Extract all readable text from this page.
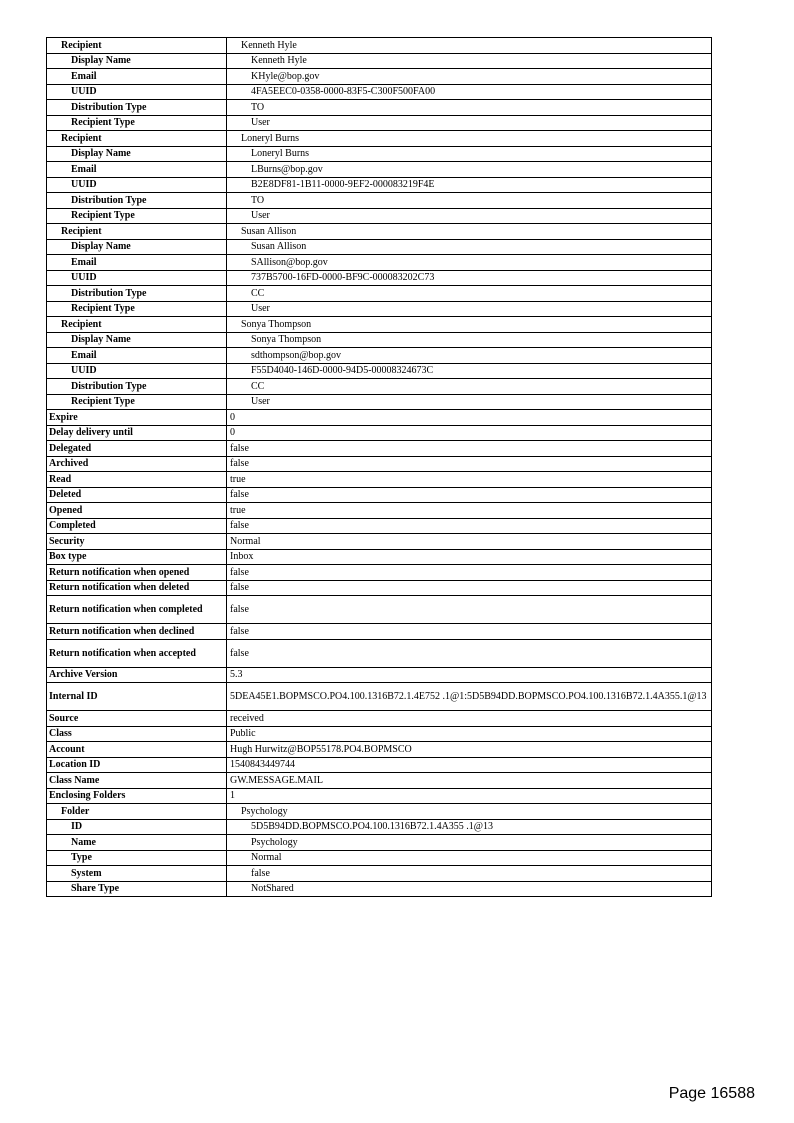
Recipient	Kenneth Hyle
Display Name	Kenneth Hyle
Email	KHyle@bop.gov
UUID	4FA5EEC0-0358-0000-83F5-C300F500FA00
Distribution Type	TO
Recipient Type	User
Recipient	Loneryl Burns
Display Name	Loneryl Burns
Email	LBurns@bop.gov
UUID	B2E8DF81-1B11-0000-9EF2-000083219F4E
Distribution Type	TO
Recipient Type	User
Recipient	Susan Allison
Display Name	Susan Allison
Email	SAllison@bop.gov
UUID	737B5700-16FD-0000-BF9C-000083202C73
Distribution Type	CC
Recipient Type	User
Recipient	Sonya Thompson
Display Name	Sonya Thompson
Email	sdthompson@bop.gov
UUID	F55D4040-146D-0000-94D5-00008324673C
Distribution Type	CC
Recipient Type	User
Expire	0
Delay delivery until	0
Delegated	false
Archived	false
Read	true
Deleted	false
Opened	true
Completed	false
Security	Normal
Box type	Inbox
Return notification when opened	false
Return notification when deleted	false
Return notification when completed	false
Return notification when declined	false
Return notification when accepted	false
Archive Version	5.3
Internal ID	5DEA45E1.BOPMSCO.PO4.100.1316B72.1.4E752 .1@1:5D5B94DD.BOPMSCO.PO4.100.1316B72.1.4A355.1@13
Source	received
Class	Public
Account	Hugh Hurwitz@BOP55178.PO4.BOPMSCO
Location ID	1540843449744
Class Name	GW.MESSAGE.MAIL
Enclosing Folders	1
Folder	Psychology
ID	5D5B94DD.BOPMSCO.PO4.100.1316B72.1.4A355 .1@13
Name	Psychology
Type	Normal
System	false
Share Type	NotShared
Page 16588
